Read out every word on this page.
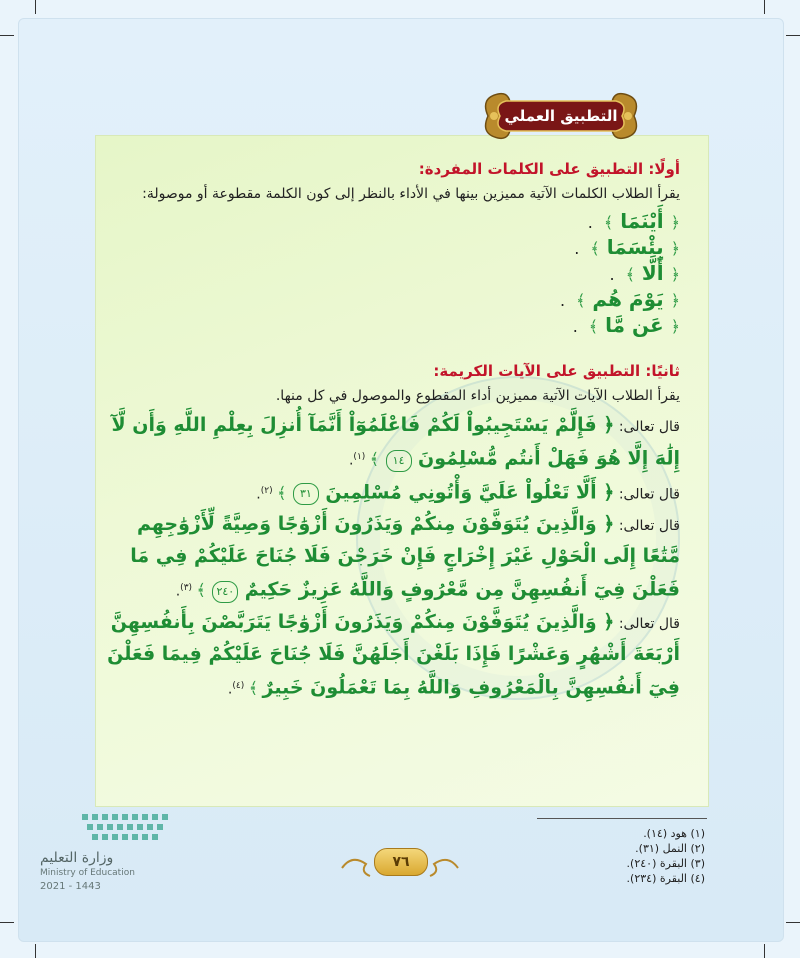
التطبيق العملي

أولًا: التطبيق على الكلمات المفردة:

يقرأ الطلاب الكلمات الآتية مميزين بينها في الأداء بالنظر إلى كون الكلمة مقطوعة أو موصولة:

﴿ أَيْنَمَا ﴾ .
﴿ بِئْسَمَا ﴾ .
﴿ أَلَّا ﴾ .
﴿ يَوْمَ هُم ﴾ .
﴿ عَن مَّا ﴾ .

ثانيًا: التطبيق على الآيات الكريمة:

يقرأ الطلاب الآيات الآتية مميزين أداء المقطوع والموصول في كل منها.

قال تعالى: ﴿ فَإِلَّمْ يَسْتَجِيبُواْ لَكُمْ فَاعْلَمُوٓاْ أَنَّمَآ أُنزِلَ بِعِلْمِ اللَّهِ وَأَن لَّآ إِلَٰهَ إِلَّا هُوَ فَهَلْ أَنتُم مُّسْلِمُونَ ١٤ ﴾ $^{(١)}$.

قال تعالى: ﴿ أَلَّا تَعْلُواْ عَلَيَّ وَأْتُونِي مُسْلِمِينَ ٣١ ﴾ $^{(٢)}$.

قال تعالى: ﴿ وَالَّذِينَ يُتَوَفَّوْنَ مِنكُمْ وَيَذَرُونَ أَزْوَٰجًا وَصِيَّةً لِّأَزْوَٰجِهِم مَّتَٰعًا إِلَى الْحَوْلِ غَيْرَ إِخْرَاجٍ فَإِنْ خَرَجْنَ فَلَا جُنَاحَ عَلَيْكُمْ فِي مَا فَعَلْنَ فِيٓ أَنفُسِهِنَّ مِن مَّعْرُوفٍ وَاللَّهُ عَزِيزٌ حَكِيمٌ ٢٤٠ ﴾ $^{(٣)}$.

قال تعالى: ﴿ وَالَّذِينَ يُتَوَفَّوْنَ مِنكُمْ وَيَذَرُونَ أَزْوَٰجًا يَتَرَبَّصْنَ بِأَنفُسِهِنَّ أَرْبَعَةَ أَشْهُرٍ وَعَشْرًا فَإِذَا بَلَغْنَ أَجَلَهُنَّ فَلَا جُنَاحَ عَلَيْكُمْ فِيمَا فَعَلْنَ فِيٓ أَنفُسِهِنَّ بِالْمَعْرُوفِ وَاللَّهُ بِمَا تَعْمَلُونَ خَبِيرٌ ﴾ $^{(٤)}$.

(١) هود (١٤).
(٢) النمل (٣١).
(٣) البقرة (٢٤٠).
(٤) البقرة (٢٣٤).
٧٦
وزارة التعليم
Ministry of Education
2021 - 1443
